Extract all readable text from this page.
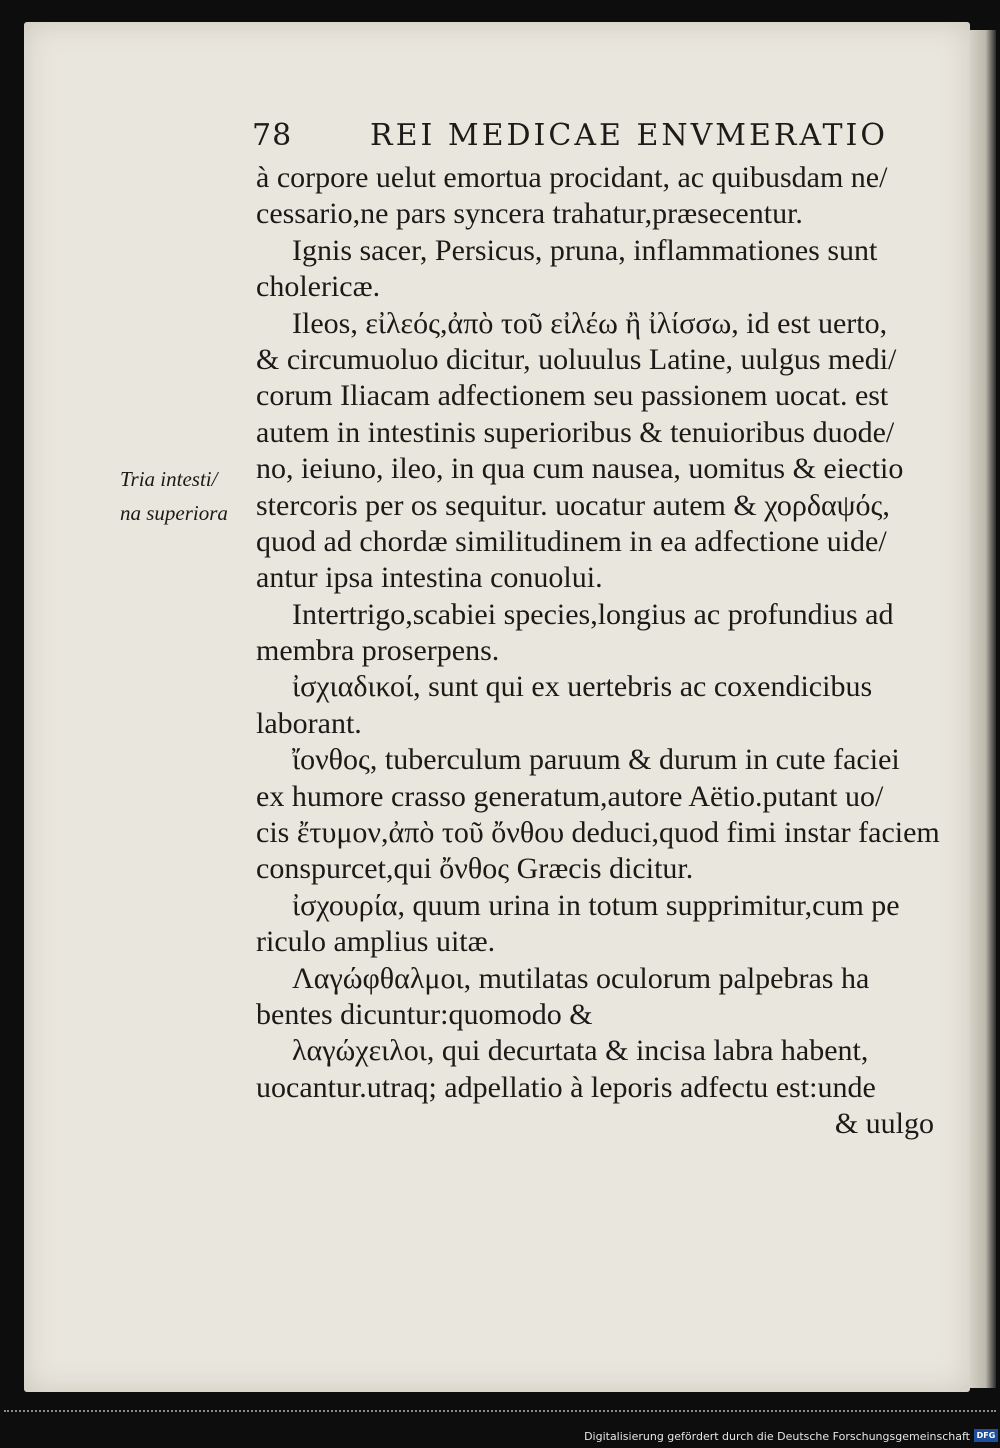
78	REI MEDICAE ENVMERATIO
Tria intesti/
na superiora
à corpore uelut emortua procidant, ac quibusdam ne/
cessario,ne pars syncera trahatur,præsecentur.
Ignis sacer, Persicus, pruna, inflammationes sunt
cholericæ.
Ileos, εἰλεός,ἀπὸ τοῦ εἰλέω ἢ ἰλίσσω, id est uerto,
& circumuoluo dicitur, uoluulus Latine, uulgus medi/
corum Iliacam adfectionem seu passionem uocat. est
autem in intestinis superioribus & tenuioribus duode/
no, ieiuno, ileo, in qua cum nausea, uomitus & eiectio
stercoris per os sequitur. uocatur autem & χορδαψός,
quod ad chordæ similitudinem in ea adfectione uide/
antur ipsa intestina conuolui.
Intertrigo,scabiei species,longius ac profundius ad
membra proserpens.
ἰσχιαδικοί, sunt qui ex uertebris ac coxendicibus
laborant.
ἴονθος, tuberculum paruum & durum in cute faciei
ex humore crasso generatum,autore Aëtio.putant uo/
cis ἔτυμον,ἀπὸ τοῦ ὄνθου deduci,quod fimi instar faciem
conspurcet,qui ὄνθος Græcis dicitur.
ἰσχουρία, quum urina in totum supprimitur,cum pe
riculo amplius uitæ.
Λαγώφθαλμοι, mutilatas oculorum palpebras ha
bentes dicuntur:quomodo &
λαγώχειλοι, qui decurtata & incisa labra habent,
uocantur.utraq; adpellatio à leporis adfectu est:unde
& uulgo
Digitalisierung gefördert durch die Deutsche Forschungsgemeinschaft DFG
